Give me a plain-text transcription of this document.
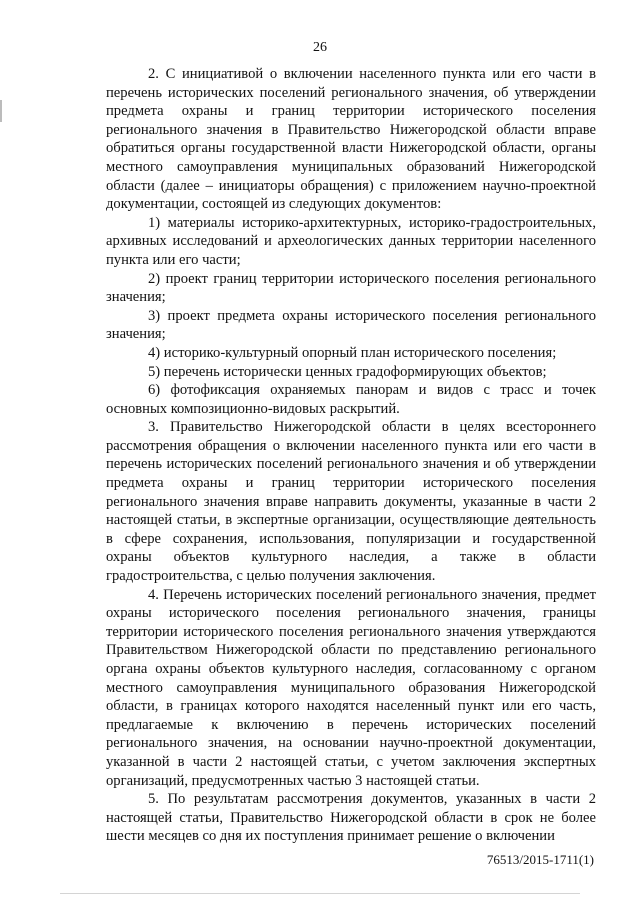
26

2. С инициативой о включении населенного пункта или его части в перечень исторических поселений регионального значения, об утверждении предмета охраны и границ территории исторического поселения регионального значения в Правительство Нижегородской области вправе обратиться органы государственной власти Нижегородской области, органы местного самоуправления муниципальных образований Нижегородской области (далее – инициаторы обращения) с приложением научно-проектной документации, состоящей из следующих документов:

1) материалы историко-архитектурных, историко-градостроительных, архивных исследований и археологических данных территории населенного пункта или его части;

2) проект границ территории исторического поселения регионального значения;

3) проект предмета охраны исторического поселения регионального значения;

4) историко-культурный опорный план исторического поселения;

5) перечень исторически ценных градоформирующих объектов;

6) фотофиксация охраняемых панорам и видов с трасс и точек основных композиционно-видовых раскрытий.

3. Правительство Нижегородской области в целях всестороннего рассмотрения обращения о включении населенного пункта или его части в перечень исторических поселений регионального значения и об утверждении предмета охраны и границ территории исторического поселения регионального значения вправе направить документы, указанные в части 2 настоящей статьи, в экспертные организации, осуществляющие деятельность в сфере сохранения, использования, популяризации и государственной охраны объектов культурного наследия, а также в области градостроительства, с целью получения заключения.

4. Перечень исторических поселений регионального значения, предмет охраны исторического поселения регионального значения, границы территории исторического поселения регионального значения утверждаются Правительством Нижегородской области по представлению регионального органа охраны объектов культурного наследия, согласованному с органом местного самоуправления муниципального образования Нижегородской области, в границах которого находятся населенный пункт или его часть, предлагаемые к включению в перечень исторических поселений регионального значения, на основании научно-проектной документации, указанной в части 2 настоящей статьи, с учетом заключения экспертных организаций, предусмотренных частью 3 настоящей статьи.

5. По результатам рассмотрения документов, указанных в части 2 настоящей статьи, Правительство Нижегородской области в срок не более шести месяцев со дня их поступления принимает решение о включении

76513/2015-1711(1)
